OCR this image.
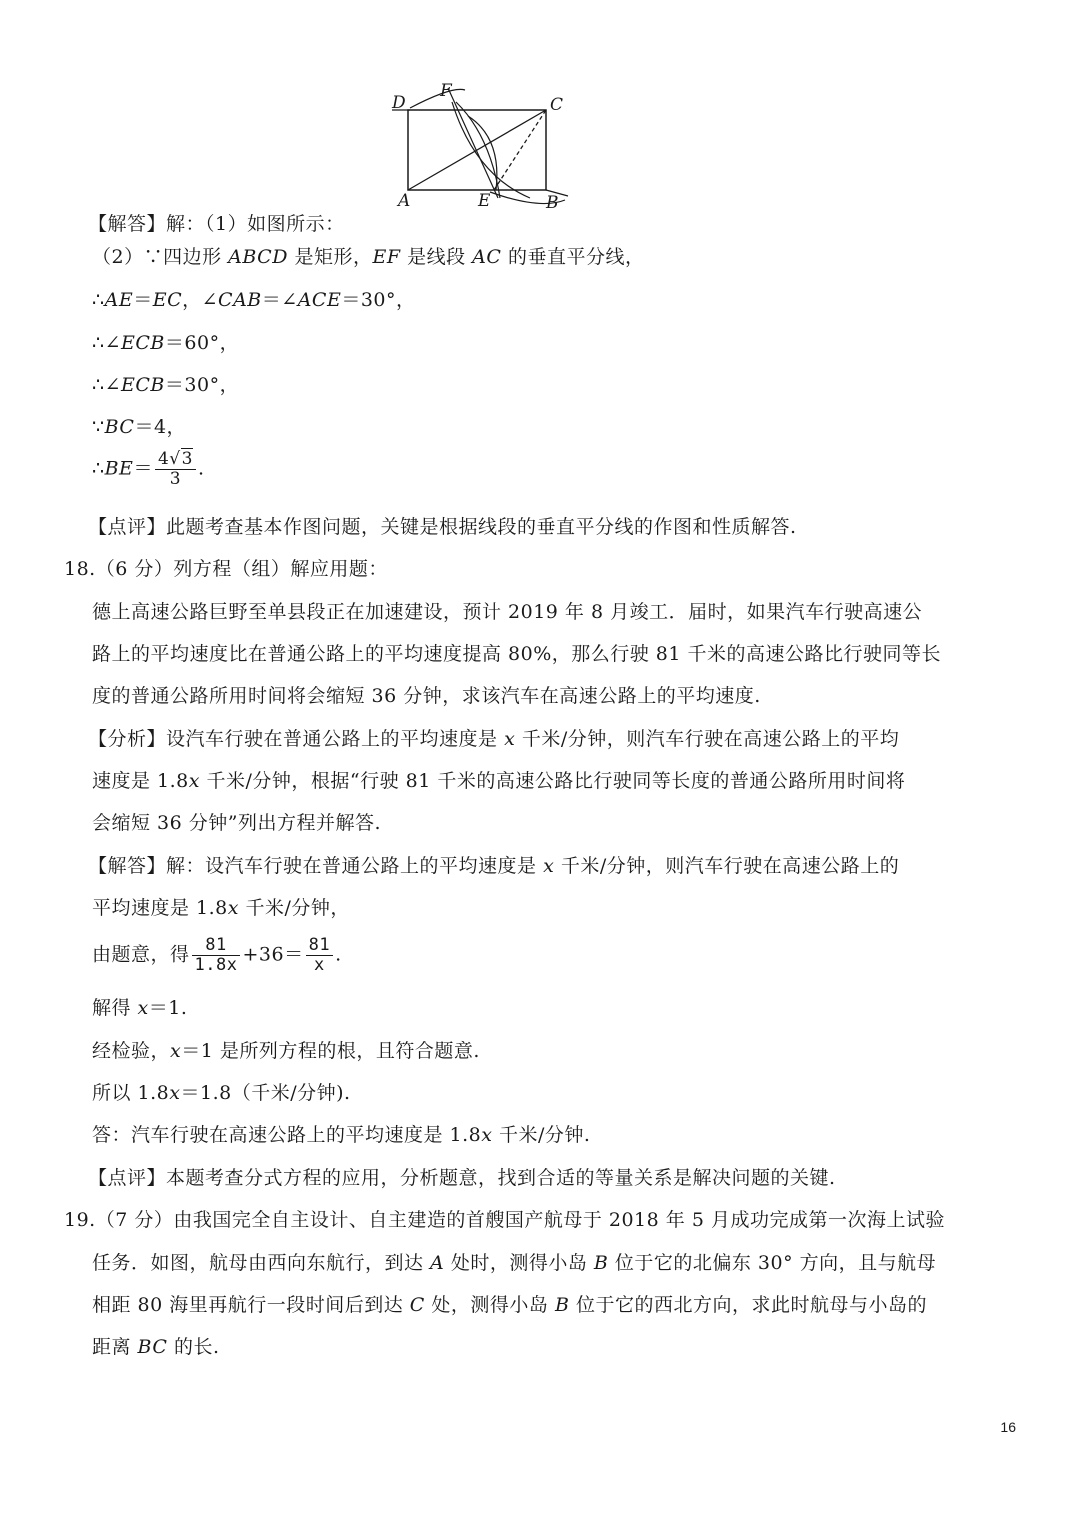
D
F
C
A	E	B
【解答】解：（1）如图所示：
（2）∵四边形 ABCD 是矩形，EF 是线段 AC 的垂直平分线，
∴AE＝EC，∠CAB＝∠ACE＝30°，
∴∠ECB＝60°，
∴∠ECB＝30°，
∵BC＝4，
∴BE＝ $\frac{4√3}{3}$ .
【点评】此题考查基本作图问题，关键是根据线段的垂直平分线的作图和性质解答.
18.（6 分）列方程（组）解应用题：
德上高速公路巨野至单县段正在加速建设，预计 2019 年 8 月竣工．届时，如果汽车行驶高速公
路上的平均速度比在普通公路上的平均速度提高 80%，那么行驶 81 千米的高速公路比行驶同等长
度的普通公路所用时间将会缩短 36 分钟，求该汽车在高速公路上的平均速度.
【分析】设汽车行驶在普通公路上的平均速度是 x 千米/分钟，则汽车行驶在高速公路上的平均
速度是 1.8x 千米/分钟，根据“行驶 81 千米的高速公路比行驶同等长度的普通公路所用时间将
会缩短 36 分钟”列出方程并解答.
【解答】解：设汽车行驶在普通公路上的平均速度是 x 千米/分钟，则汽车行驶在高速公路上的
平均速度是 1.8x 千米/分钟，
由题意，得 $\frac{81}{1.8x} +36= \frac{81}{x}$ .
解得 x＝1.
经检验，x＝1 是所列方程的根，且符合题意.
所以 1.8x＝1.8（千米/分钟).
答：汽车行驶在高速公路上的平均速度是 1.8x 千米/分钟.
【点评】本题考查分式方程的应用，分析题意，找到合适的等量关系是解决问题的关键.
19.（7 分）由我国完全自主设计、自主建造的首艘国产航母于 2018 年 5 月成功完成第一次海上试验
任务．如图，航母由西向东航行，到达 A 处时，测得小岛 B 位于它的北偏东 30° 方向，且与航母
相距 80 海里再航行一段时间后到达 C 处，测得小岛 B 位于它的西北方向，求此时航母与小岛的
距离 BC 的长.
16
